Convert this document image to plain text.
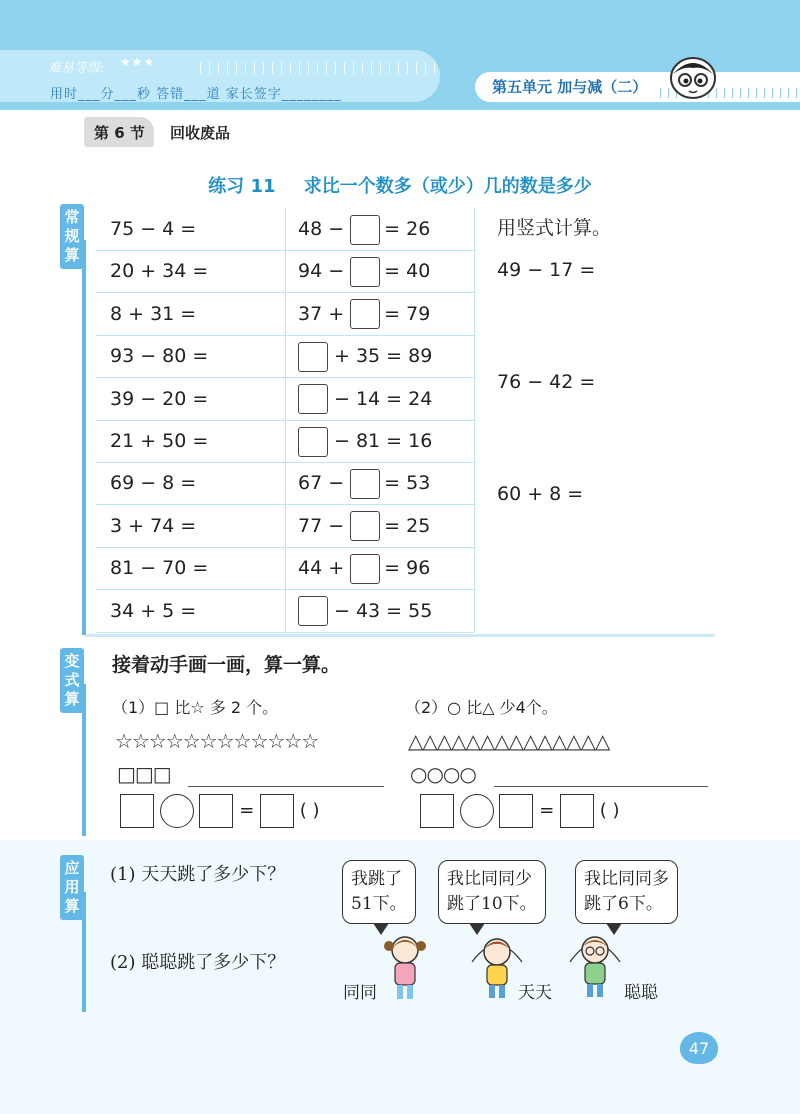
难易等级: ★★★
用时___分___秒 答错___道 家长签字________	第五单元 加与减（二）
第 6 节 回收废品
练习 11 求比一个数多（或少）几的数是多少
常规算
75 − 4 =	48 − = 26
20 + 34 =	94 − = 40
8 + 31 =	37 + = 79
93 − 80 =	+ 35 = 89
39 − 20 =	− 14 = 24
21 + 50 =	− 81 = 16
69 − 8 =	67 − = 53
3 + 74 =	77 − = 25
81 − 70 =	44 + = 96
34 + 5 =	− 43 = 55
用竖式计算。
49 − 17 =
76 − 42 =
60 + 8 =
变式算
接着动手画一画，算一算。
（1）□ 比☆ 多 2 个。
☆☆☆☆☆☆☆☆☆☆☆☆
□□□
=	( )
（2）○ 比△ 少4个。
△△△△△△△△△△△△△△
○○○○
=	( )
应用算
(1) 天天跳了多少下？
(2) 聪聪跳了多少下？
我跳了
51下。
我比同同少
跳了10下。
我比同同多
跳了6下。
同同	天天	聪聪
47
